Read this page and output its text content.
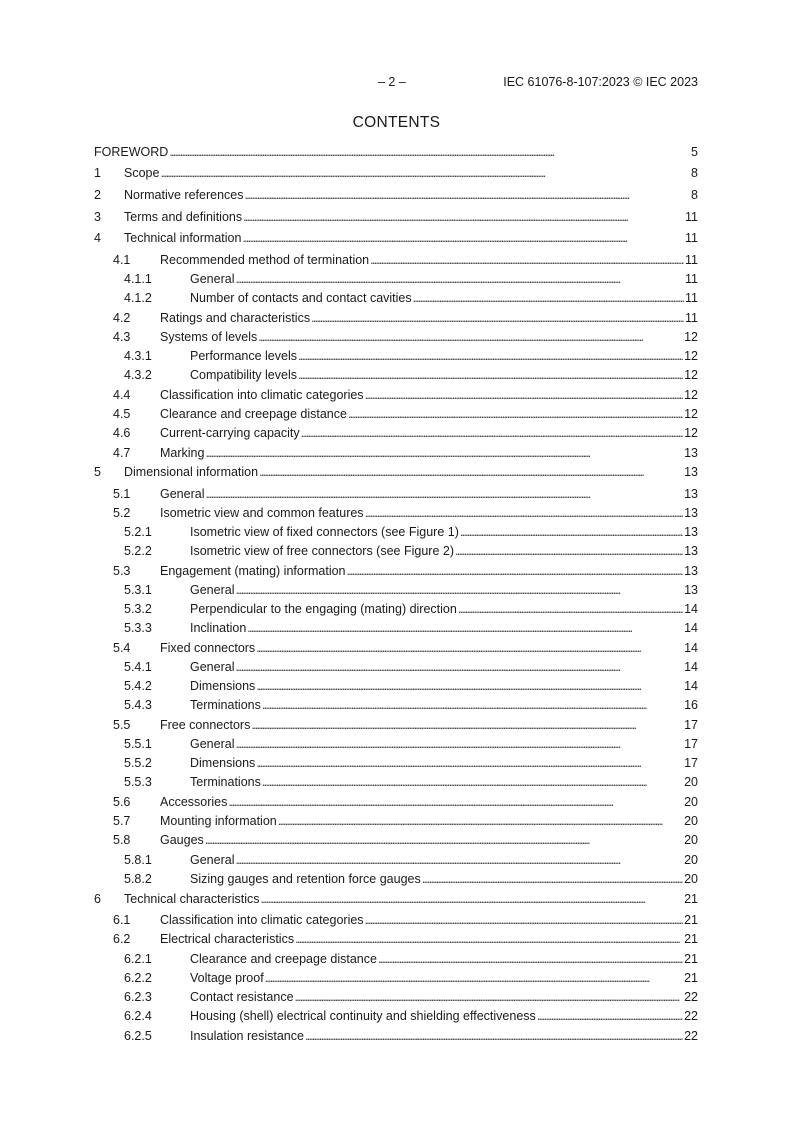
– 2 –	IEC 61076-8-107:2023 © IEC 2023
CONTENTS
FOREWORD . . .	5
1	Scope . . .	8
2	Normative references . . .	8
3	Terms and definitions . . .	11
4	Technical information . . .	11
4.1	Recommended method of termination . . .	11
4.1.1	General . . .	11
4.1.2	Number of contacts and contact cavities . . .	11
4.2	Ratings and characteristics . . .	11
4.3	Systems of levels . . .	12
4.3.1	Performance levels . . .	12
4.3.2	Compatibility levels . . .	12
4.4	Classification into climatic categories . . .	12
4.5	Clearance and creepage distance . . .	12
4.6	Current-carrying capacity . . .	12
4.7	Marking . . .	13
5	Dimensional information . . .	13
5.1	General . . .	13
5.2	Isometric view and common features . . .	13
5.2.1	Isometric view of fixed connectors (see Figure 1) . . .	13
5.2.2	Isometric view of free connectors (see Figure 2) . . .	13
5.3	Engagement (mating) information . . .	13
5.3.1	General . . .	13
5.3.2	Perpendicular to the engaging (mating) direction . . .	14
5.3.3	Inclination . . .	14
5.4	Fixed connectors . . .	14
5.4.1	General . . .	14
5.4.2	Dimensions . . .	14
5.4.3	Terminations . . .	16
5.5	Free connectors . . .	17
5.5.1	General . . .	17
5.5.2	Dimensions . . .	17
5.5.3	Terminations . . .	20
5.6	Accessories . . .	20
5.7	Mounting information . . .	20
5.8	Gauges . . .	20
5.8.1	General . . .	20
5.8.2	Sizing gauges and retention force gauges . . .	20
6	Technical characteristics . . .	21
6.1	Classification into climatic categories . . .	21
6.2	Electrical characteristics . . .	21
6.2.1	Clearance and creepage distance . . .	21
6.2.2	Voltage proof . . .	21
6.2.3	Contact resistance . . .	22
6.2.4	Housing (shell) electrical continuity and shielding effectiveness . . .	22
6.2.5	Insulation resistance . . .	22
